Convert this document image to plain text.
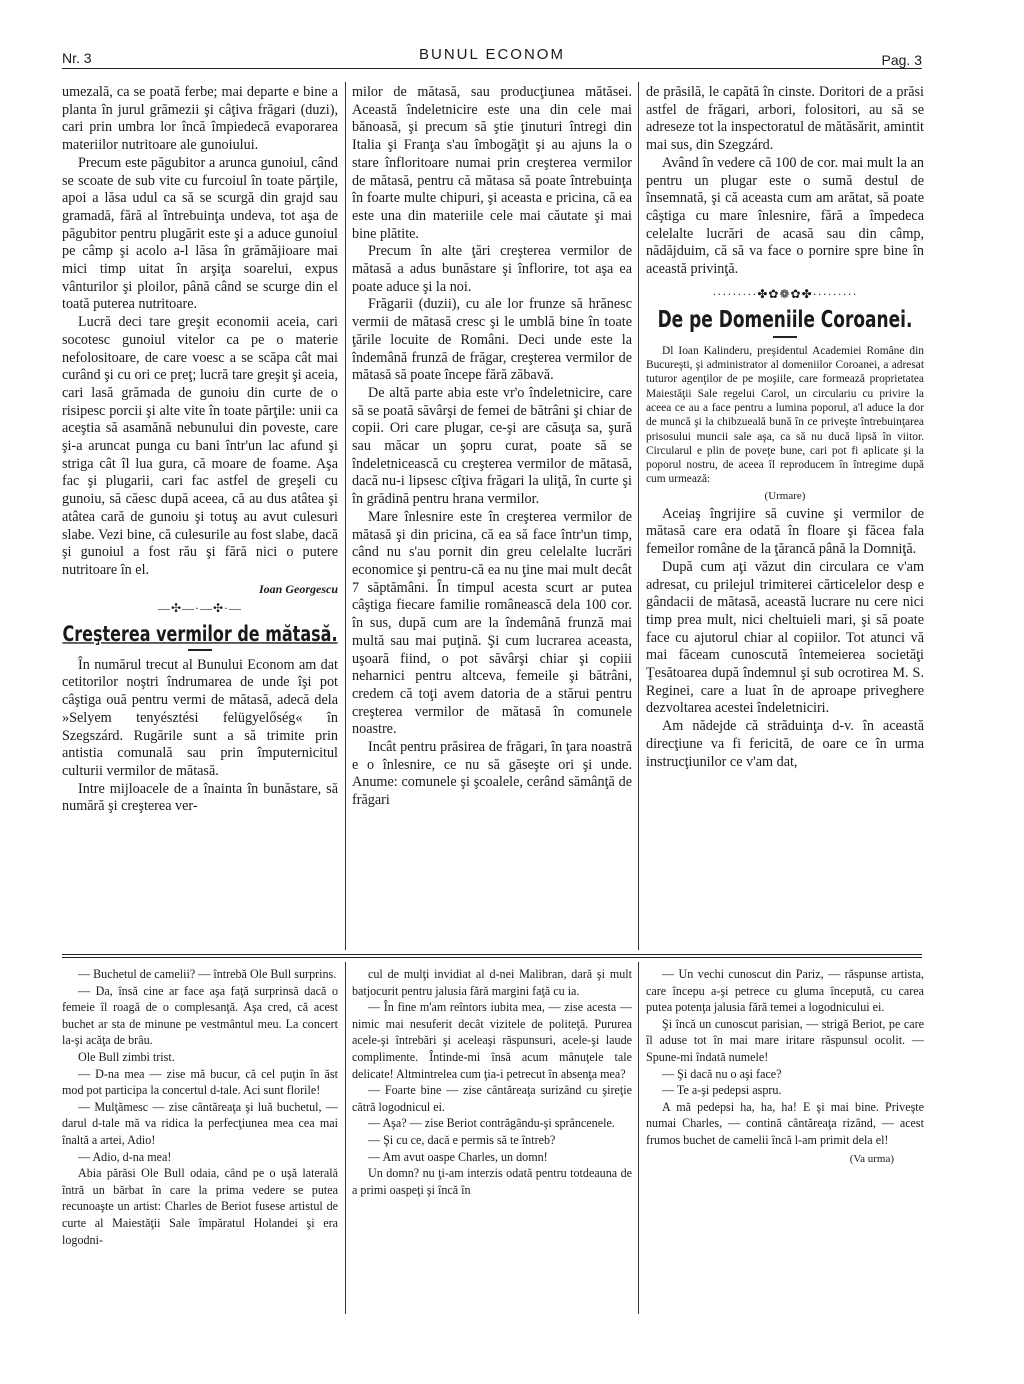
Nr. 3	BUNUL ECONOM	Pag. 3

umezală, ca se poată ferbe; mai departe e bine a planta în jurul grămezii şi câţiva frăgari (duzi), cari prin umbra lor încă împiedecă evaporarea materiilor nutritoare ale gunoiului.

Precum este păgubitor a arunca gunoiul, când se scoate de sub vite cu furcoiul în toate părţile, apoi a lăsa udul ca să se scurgă din grajd sau gramadă, fără al întrebuinţa undeva, tot aşa de păgubitor pentru plugărit este şi a aduce gunoiul pe câmp şi acolo a-l lăsa în grămăjioare mai mici timp uitat în arşiţa soarelui, expus vânturilor şi ploilor, până când se scurge din el toată puterea nutritoare.

Lucră deci tare greşit economii aceia, cari socotesc gunoiul vitelor ca pe o materie nefolositoare, de care voesc a se scăpa cât mai curând şi cu ori ce preţ; lucră tare greşit şi aceia, cari lasă grămada de gunoiu din curte de o risipesc porcii şi alte vite în toate părţile: unii ca aceştia să asamănă nebunului din poveste, care şi-a aruncat punga cu bani într'un lac afund şi striga cât îl lua gura, că moare de foame. Aşa fac şi plugarii, cari fac astfel de greşeli cu gunoiu, să căesc după aceea, că au dus atâtea şi atâtea cară de gunoiu şi totuş au avut culesuri slabe. Vezi bine, că culesurile au fost slabe, dacă şi gunoiul a fost rău şi fără nici o putere nutritoare în el.

Ioan Georgescu
—✣—·—✣·—
Creşterea vermilor de mătasă.

În numărul trecut al Bunului Econom am dat cetitorilor noştri îndrumarea de unde îşi pot câştiga ouă pentru vermi de mătasă, adecă dela »Selyem tenyésztési felügyelőség« în Szegszárd. Rugările sunt a să trimite prin antistia comunală sau prin împuternicitul culturii vermilor de mătasă.

Intre mijloacele de a înainta în bunăstare, să numără şi creşterea ver-

milor de mătasă, sau producţiunea mătăsei. Această îndeletnicire este una din cele mai bănoasă, şi precum să ştie ţinuturi întregi din Italia şi Franţa s'au îmbogăţit şi au ajuns la o stare înfloritoare numai prin creşterea vermilor de mătasă, pentru că mătasa să poate întrebuinţa în foarte multe chipuri, şi aceasta e pricina, că ea este una din materiile cele mai căutate şi mai bine plătite.

Precum în alte ţări creşterea vermilor de mătasă a adus bunăstare şi înflorire, tot aşa ea poate aduce şi la noi.

Frăgarii (duzii), cu ale lor frunze să hrănesc vermii de mătasă cresc şi le umblă bine în toate ţările locuite de Români. Deci unde este la îndemână frunză de frăgar, creşterea vermilor de mătasă să poate începe fără zăbavă.

De altă parte abia este vr'o îndeletnicire, care să se poată săvârşi de femei de bătrâni şi chiar de copii. Ori care plugar, ce-şi are căsuţa sa, şură sau măcar un şopru curat, poate să se îndeletnicească cu creşterea vermilor de mătasă, dacă nu-i lipsesc cîţiva frăgari la uliţă, în curte şi în grădină pentru hrana vermilor.

Mare înlesnire este în creşterea vermilor de mătasă şi din pricina, că ea să face într'un timp, când nu s'au pornit din greu celelalte lucrări economice şi pentru-că ea nu ţine mai mult decât 7 săptămâni. În timpul acesta scurt ar putea câştiga fiecare familie românească dela 100 cor. în sus, după cum are la îndemână frunză mai multă sau mai puţină. Şi cum lucrarea aceasta, uşoară fiind, o pot săvârşi chiar şi copiii neharnici pentru altceva, femeile şi bătrâni, credem că toţi avem datoria de a stărui pentru creşterea vermilor de mătasă în comunele noastre.

Incât pentru prăsirea de frăgari, în ţara noastră e o înlesnire, ce nu să găseşte ori şi unde. Anume: comunele şi şcoalele, cerând sămânţă de frăgari

de prăsilă, le capătă în cinste. Doritori de a prăsi astfel de frăgari, arbori, folositori, au să se adreseze tot la inspectoratul de mătăsărit, amintit mai sus, din Szegzárd.

Având în vedere că 100 de cor. mai mult la an pentru un plugar este o sumă destul de însemnată, şi că aceasta cum am arătat, să poate câştiga cu mare înlesnire, fără a împedeca celelalte lucrări de acasă sau din câmp, nădăjduim, că să va face o pornire spre bine în această privinţă.

·········✤✿❁✿✤·········
De pe Domeniile Coroanei.

Dl Ioan Kalinderu, preşidentul Academiei Române din Bucureşti, şi administrator al domeniilor Coroanei, a adresat tuturor agenţilor de pe moşiile, care formează proprietatea Maiestăţii Sale regelui Carol, un circulariu cu privire la aceea ce au a face pentru a lumina poporul, a'l aduce la dor de muncă şi la chibzueală bună în ce priveşte întrebuinţarea prisosului muncii sale aşa, ca să nu ducă lipsă în viitor. Circularul e plin de poveţe bune, cari pot fi aplicate şi la poporul nostru, de aceea îl reproducem în întregime după cum urmează:

(Urmare)

Aceiaş îngrijire să cuvine şi vermilor de mătasă care era odată în floare şi făcea fala femeilor române de la ţărancă până la Domniţă.

După cum aţi văzut din circulara ce v'am adresat, cu prilejul trimiterei cărticelelor desp e gândacii de mătasă, această lucrare nu cere nici timp prea mult, nici cheltuieli mari, şi să poate face cu ajutorul chiar al copiilor. Tot atunci vă mai făceam cunoscută întemeierea societăţi Ţesătoarea după îndemnul şi sub ocrotirea M. S. Reginei, care a luat în de aproape priveghere dezvoltarea acestei îndeletniciri.

Am nădejde că străduinţa d-v. în această direcţiune va fi fericită, de oare ce în urma instrucţiunilor ce v'am dat,

— Buchetul de camelii? — întrebă Ole Bull surprins.

— Da, însă cine ar face aşa faţă surprinsă dacă o femeie îl roagă de o complesanţă. Aşa cred, că acest buchet ar sta de minune pe vestmântul meu. La concert la-şi acăţa de brâu.

Ole Bull zimbi trist.

— D-na mea — zise mă bucur, că cel puţin în ăst mod pot participa la concertul d-tale. Aci sunt florile!

— Mulţămesc — zise cântăreaţa şi luă buchetul, — darul d-tale mă va ridica la perfecţiunea mea cea mai înaltă a artei, Adio!

— Adio, d-na mea!

Abia părăsi Ole Bull odaia, când pe o uşă laterală întră un bărbat în care la prima vedere se putea recunoaşte un artist: Charles de Beriot fusese artistul de curte al Maiestăţii Sale împăratul Holandei şi era logodni-

cul de mulţi invidiat al d-nei Malibran, dară şi mult batjocurit pentru jalusia fără margini faţă cu ia.

— În fine m'am reîntors iubita mea, — zise acesta — nimic mai nesuferit decât vizitele de politeţă. Pururea acele-şi întrebări şi aceleaşi răspunsuri, acele-şi laude complimente. Întinde-mi însă acum mânuţele tale delicate! Altmintrelea cum ţia-i petrecut în absenţa mea?

— Foarte bine — zise cântăreaţa surizând cu şireţie cătră logodnicul ei.

— Aşa? — zise Beriot contrăgându-şi sprâncenele.

— Şi cu ce, dacă e permis să te întreb?

— Am avut oaspe Charles, un domn!

Un domn? nu ţi-am interzis odată pentru totdeauna de a primi oaspeţi şi încă în

— Un vechi cunoscut din Pariz, — răspunse artista, care începu a-şi petrece cu gluma începută, cu carea putea potenţa jalusia fără temei a logodnicului ei.

Şi încă un cunoscut parisian, — strigă Beriot, pe care îl aduse tot în mai mare iritare răspunsul ocolit. — Spune-mi îndată numele!

— Şi dacă nu o aşi face?

— Te a-şi pedepsi aspru.

A mă pedepsi ha, ha, ha! E şi mai bine. Priveşte numai Charles, — contină cântăreaţa rizând, — acest frumos buchet de camelii încă l-am primit dela el!

(Va urma)
